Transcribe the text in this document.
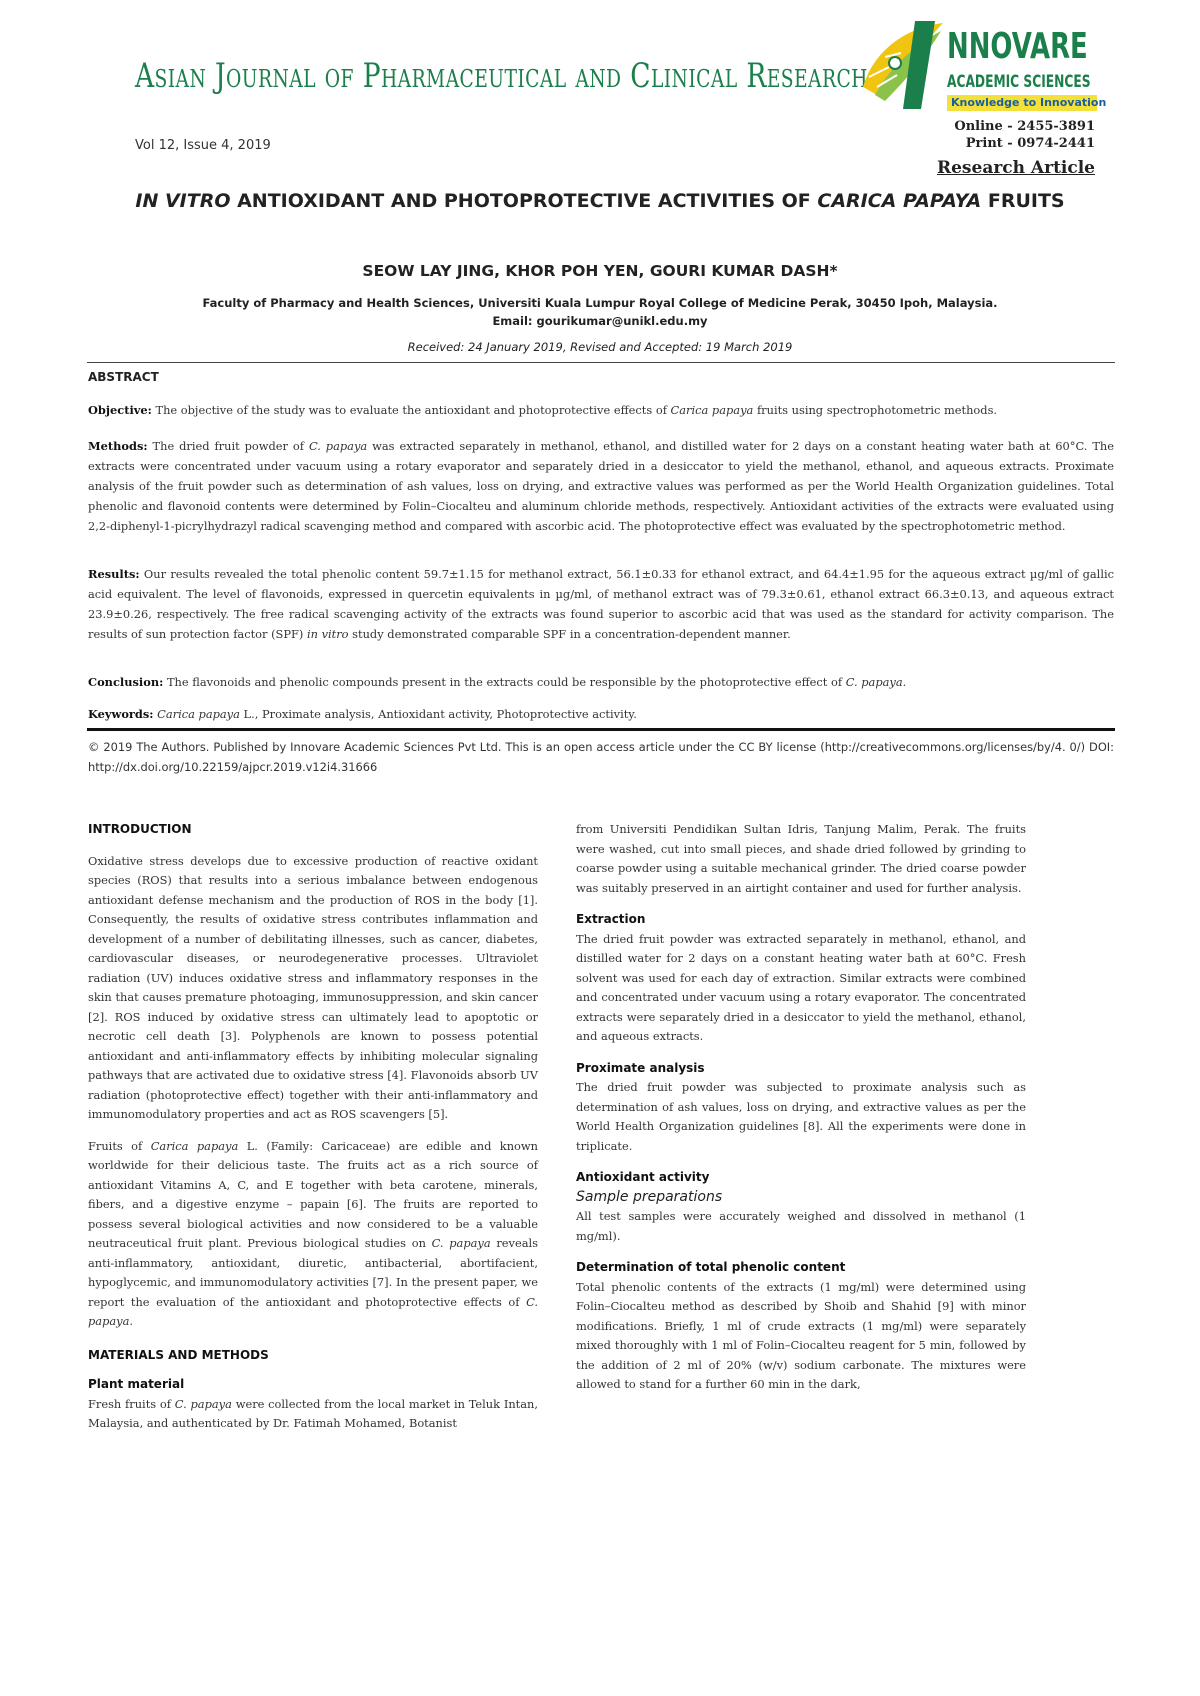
Asian Journal of Pharmaceutical and Clinical Research
NNOVARE
ACADEMIC SCIENCES
Knowledge to Innovation
Vol 12, Issue 4, 2019
Online - 2455-3891
Print - 0974-2441
Research Article
IN VITRO ANTIOXIDANT AND PHOTOPROTECTIVE ACTIVITIES OF CARICA PAPAYA FRUITS
SEOW LAY JING, KHOR POH YEN, GOURI KUMAR DASH*
Faculty of Pharmacy and Health Sciences, Universiti Kuala Lumpur Royal College of Medicine Perak, 30450 Ipoh, Malaysia.
Email: gourikumar@unikl.edu.my
Received: 24 January 2019, Revised and Accepted: 19 March 2019
ABSTRACT
Objective: The objective of the study was to evaluate the antioxidant and photoprotective effects of Carica papaya fruits using spectrophotometric methods.
Methods: The dried fruit powder of C. papaya was extracted separately in methanol, ethanol, and distilled water for 2 days on a constant heating water bath at 60°C. The extracts were concentrated under vacuum using a rotary evaporator and separately dried in a desiccator to yield the methanol, ethanol, and aqueous extracts. Proximate analysis of the fruit powder such as determination of ash values, loss on drying, and extractive values was performed as per the World Health Organization guidelines. Total phenolic and flavonoid contents were determined by Folin–Ciocalteu and aluminum chloride methods, respectively. Antioxidant activities of the extracts were evaluated using 2,2-diphenyl-1-picrylhydrazyl radical scavenging method and compared with ascorbic acid. The photoprotective effect was evaluated by the spectrophotometric method.
Results: Our results revealed the total phenolic content 59.7±1.15 for methanol extract, 56.1±0.33 for ethanol extract, and 64.4±1.95 for the aqueous extract µg/ml of gallic acid equivalent. The level of flavonoids, expressed in quercetin equivalents in µg/ml, of methanol extract was of 79.3±0.61, ethanol extract 66.3±0.13, and aqueous extract 23.9±0.26, respectively. The free radical scavenging activity of the extracts was found superior to ascorbic acid that was used as the standard for activity comparison. The results of sun protection factor (SPF) in vitro study demonstrated comparable SPF in a concentration-dependent manner.
Conclusion: The flavonoids and phenolic compounds present in the extracts could be responsible by the photoprotective effect of C. papaya.
Keywords: Carica papaya L., Proximate analysis, Antioxidant activity, Photoprotective activity.
© 2019 The Authors. Published by Innovare Academic Sciences Pvt Ltd. This is an open access article under the CC BY license (http://creativecommons.org/licenses/by/4. 0/) DOI: http://dx.doi.org/10.22159/ajpcr.2019.v12i4.31666
INTRODUCTION
Oxidative stress develops due to excessive production of reactive oxidant species (ROS) that results into a serious imbalance between endogenous antioxidant defense mechanism and the production of ROS in the body [1]. Consequently, the results of oxidative stress contributes inflammation and development of a number of debilitating illnesses, such as cancer, diabetes, cardiovascular diseases, or neurodegenerative processes. Ultraviolet radiation (UV) induces oxidative stress and inflammatory responses in the skin that causes premature photoaging, immunosuppression, and skin cancer [2]. ROS induced by oxidative stress can ultimately lead to apoptotic or necrotic cell death [3]. Polyphenols are known to possess potential antioxidant and anti-inflammatory effects by inhibiting molecular signaling pathways that are activated due to oxidative stress [4]. Flavonoids absorb UV radiation (photoprotective effect) together with their anti-inflammatory and immunomodulatory properties and act as ROS scavengers [5].
Fruits of Carica papaya L. (Family: Caricaceae) are edible and known worldwide for their delicious taste. The fruits act as a rich source of antioxidant Vitamins A, C, and E together with beta carotene, minerals, fibers, and a digestive enzyme – papain [6]. The fruits are reported to possess several biological activities and now considered to be a valuable neutraceutical fruit plant. Previous biological studies on C. papaya reveals anti-inflammatory, antioxidant, diuretic, antibacterial, abortifacient, hypoglycemic, and immunomodulatory activities [7]. In the present paper, we report the evaluation of the antioxidant and photoprotective effects of C. papaya.
MATERIALS AND METHODS
Plant material
Fresh fruits of C. papaya were collected from the local market in Teluk Intan, Malaysia, and authenticated by Dr. Fatimah Mohamed, Botanist
from Universiti Pendidikan Sultan Idris, Tanjung Malim, Perak. The fruits were washed, cut into small pieces, and shade dried followed by grinding to coarse powder using a suitable mechanical grinder. The dried coarse powder was suitably preserved in an airtight container and used for further analysis.
Extraction
The dried fruit powder was extracted separately in methanol, ethanol, and distilled water for 2 days on a constant heating water bath at 60°C. Fresh solvent was used for each day of extraction. Similar extracts were combined and concentrated under vacuum using a rotary evaporator. The concentrated extracts were separately dried in a desiccator to yield the methanol, ethanol, and aqueous extracts.
Proximate analysis
The dried fruit powder was subjected to proximate analysis such as determination of ash values, loss on drying, and extractive values as per the World Health Organization guidelines [8]. All the experiments were done in triplicate.
Antioxidant activity
Sample preparations
All test samples were accurately weighed and dissolved in methanol (1 mg/ml).
Determination of total phenolic content
Total phenolic contents of the extracts (1 mg/ml) were determined using Folin–Ciocalteu method as described by Shoib and Shahid [9] with minor modifications. Briefly, 1 ml of crude extracts (1 mg/ml) were separately mixed thoroughly with 1 ml of Folin–Ciocalteu reagent for 5 min, followed by the addition of 2 ml of 20% (w/v) sodium carbonate. The mixtures were allowed to stand for a further 60 min in the dark,
